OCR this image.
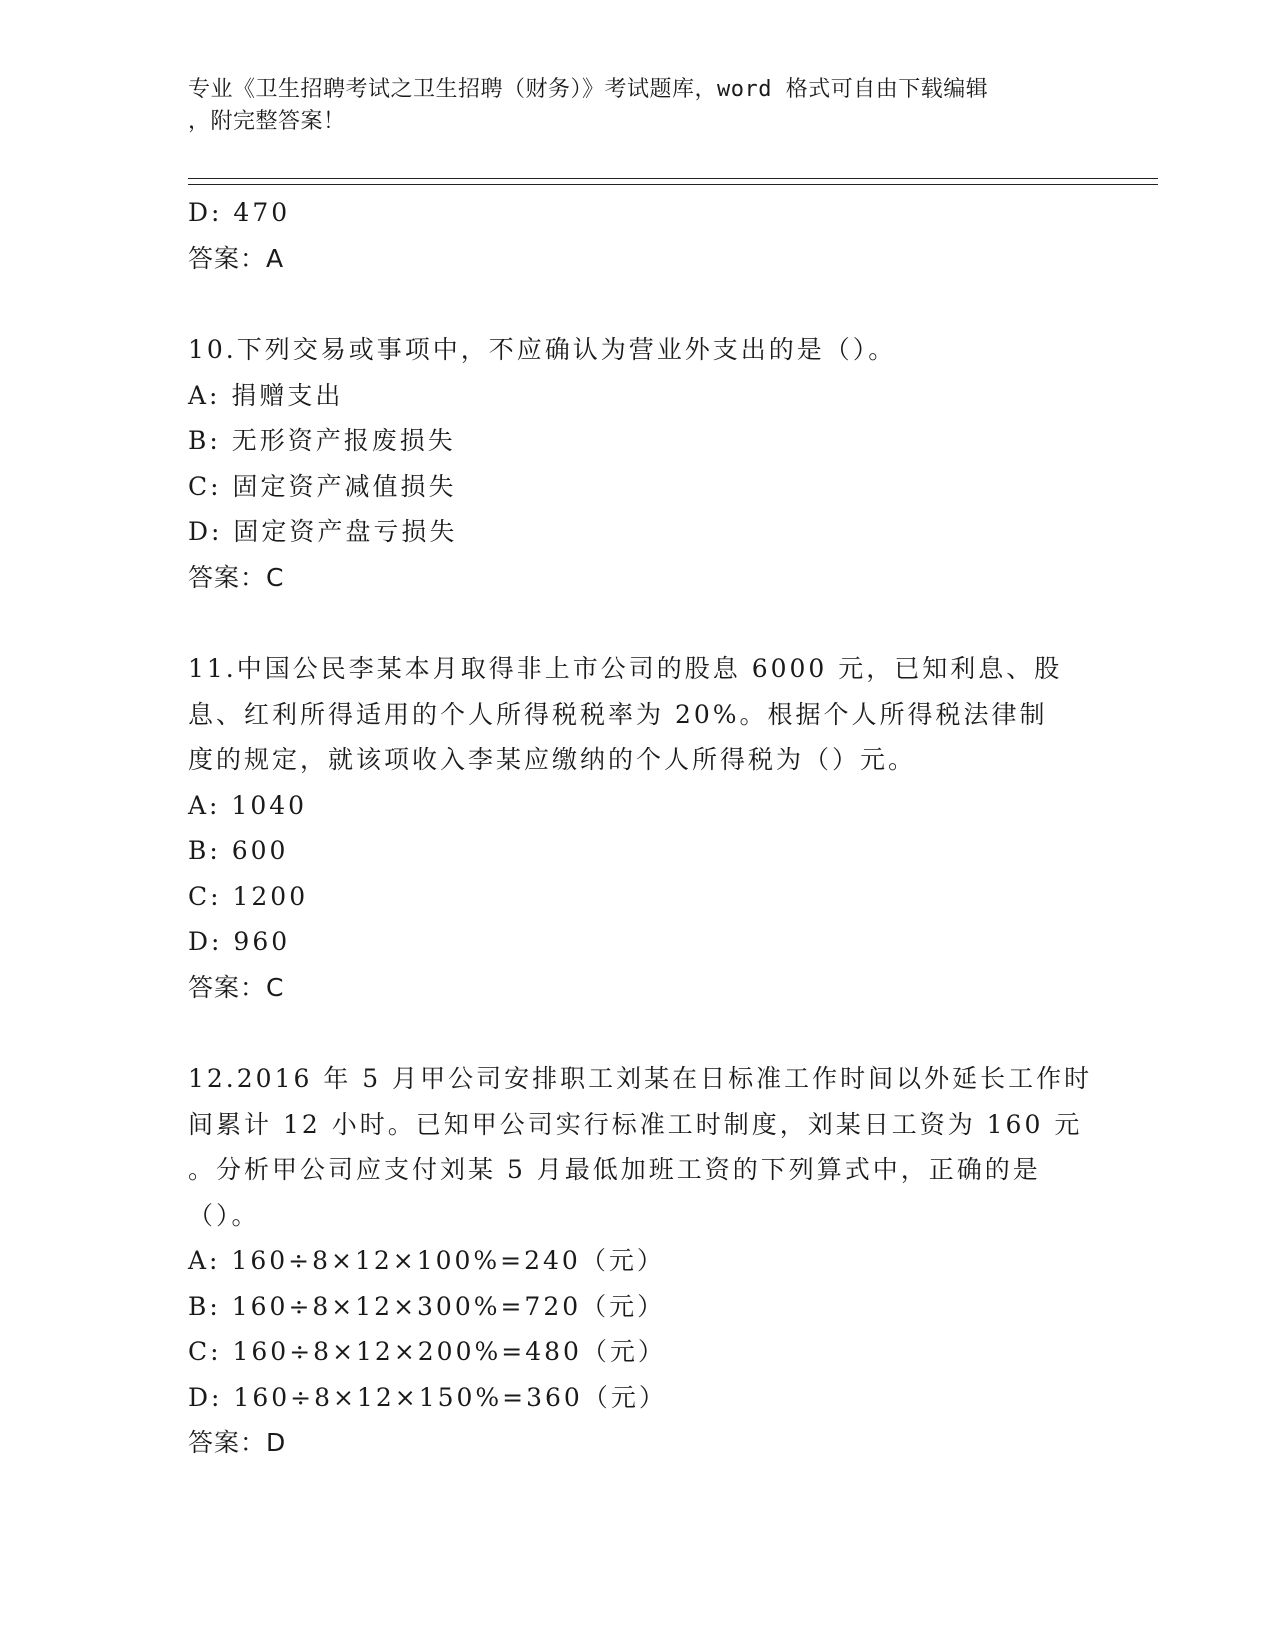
专业《卫生招聘考试之卫生招聘（财务）》考试题库，word 格式可自由下载编辑
，附完整答案！
D: 470
答案：A
10.下列交易或事项中，不应确认为营业外支出的是（）。
A: 捐赠支出
B: 无形资产报废损失
C: 固定资产减值损失
D: 固定资产盘亏损失
答案：C
11.中国公民李某本月取得非上市公司的股息 6000 元，已知利息、股
息、红利所得适用的个人所得税税率为 20%。根据个人所得税法律制
度的规定，就该项收入李某应缴纳的个人所得税为（）元。
A: 1040
B: 600
C: 1200
D: 960
答案：C
12.2016 年 5 月甲公司安排职工刘某在日标准工作时间以外延长工作时
间累计 12 小时。已知甲公司实行标准工时制度，刘某日工资为 160 元
。分析甲公司应支付刘某 5 月最低加班工资的下列算式中，正确的是
（）。
A: 160÷8×12×100%=240（元）
B: 160÷8×12×300%=720（元）
C: 160÷8×12×200%=480（元）
D: 160÷8×12×150%=360（元）
答案：D
